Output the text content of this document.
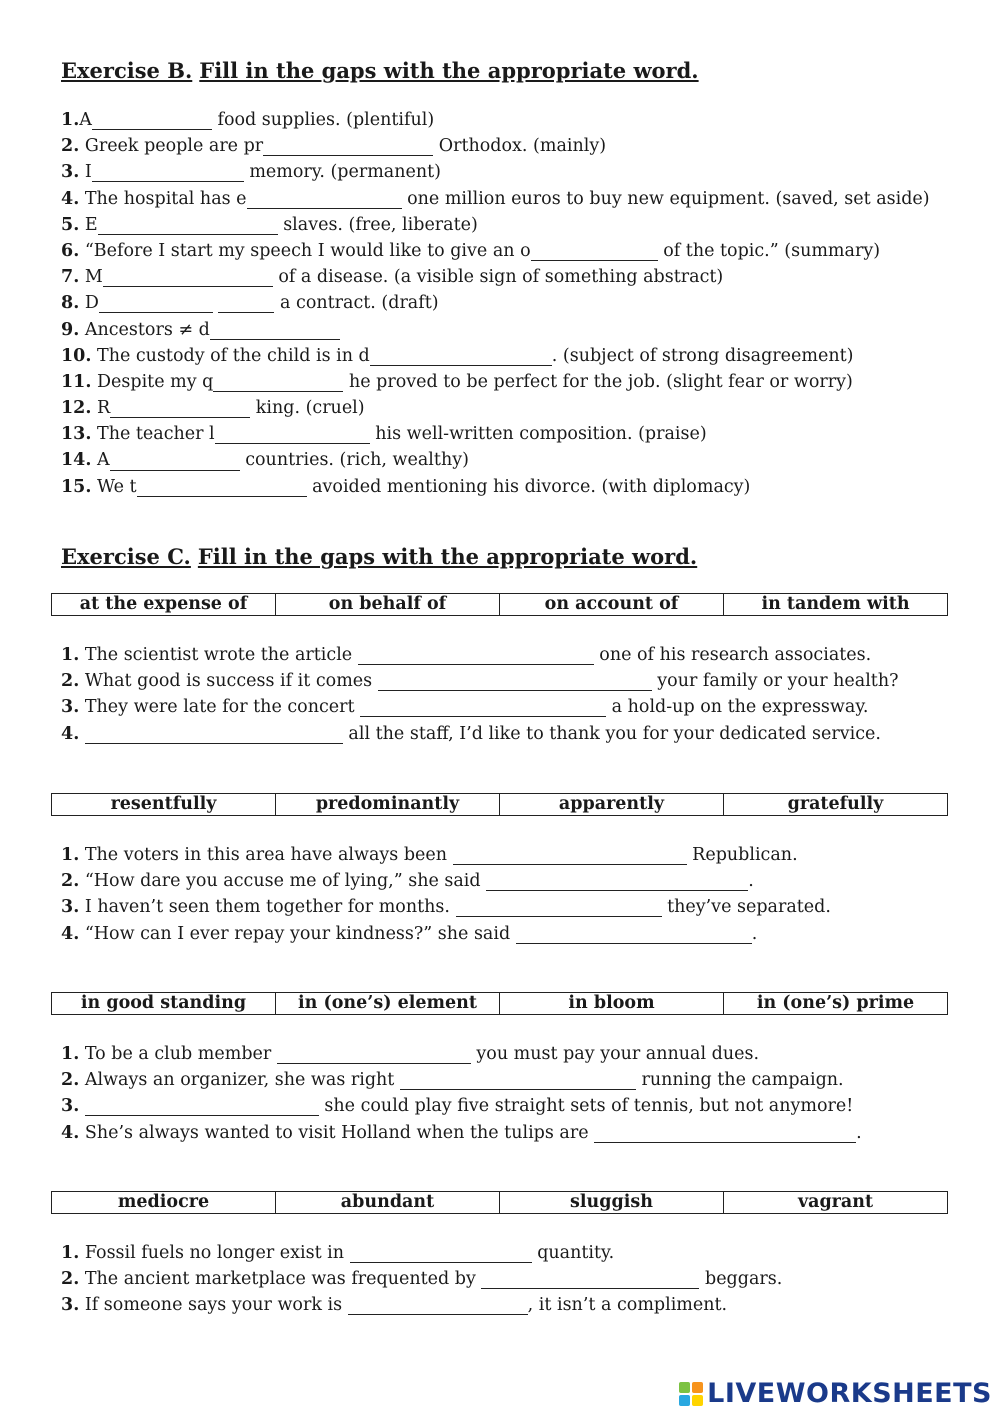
Exercise B. Fill in the gaps with the appropriate word.
1.A	food supplies. (plentiful)
2. Greek people are pr	Orthodox. (mainly)
3. I	memory. (permanent)
4. The hospital has e	one million euros to buy new equipment. (saved, set aside)
5. E	slaves. (free, liberate)
6. “Before I start my speech I would like to give an o	of the topic.” (summary)
7. M	of a disease. (a visible sign of something abstract)
8. D	a contract. (draft)
9. Ancestors ≠ d
10. The custody of the child is in d	. (subject of strong disagreement)
11. Despite my q	he proved to be perfect for the job. (slight fear or worry)
12. R	king. (cruel)
13. The teacher l	his well-written composition. (praise)
14. A	countries. (rich, wealthy)
15. We t	avoided mentioning his divorce. (with diplomacy)
Exercise C. Fill in the gaps with the appropriate word.
at the expense of	on behalf of	on account of	in tandem with
1. The scientist wrote the article	one of his research associates.
2. What good is success if it comes	your family or your health?
3. They were late for the concert	a hold-up on the expressway.
4.	all the staff, I’d like to thank you for your dedicated service.
resentfully	predominantly	apparently	gratefully
1. The voters in this area have always been	Republican.
2. “How dare you accuse me of lying,” she said	.
3. I haven’t seen them together for months.	they’ve separated.
4. “How can I ever repay your kindness?” she said	.
in good standing	in (one’s) element	in bloom	in (one’s) prime
1. To be a club member	you must pay your annual dues.
2. Always an organizer, she was right	running the campaign.
3.	she could play five straight sets of tennis, but not anymore!
4. She’s always wanted to visit Holland when the tulips are	.
mediocre	abundant	sluggish	vagrant
1. Fossil fuels no longer exist in	quantity.
2. The ancient marketplace was frequented by	beggars.
3. If someone says your work is	, it isn’t a compliment.
LIVEWORKSHEETS
